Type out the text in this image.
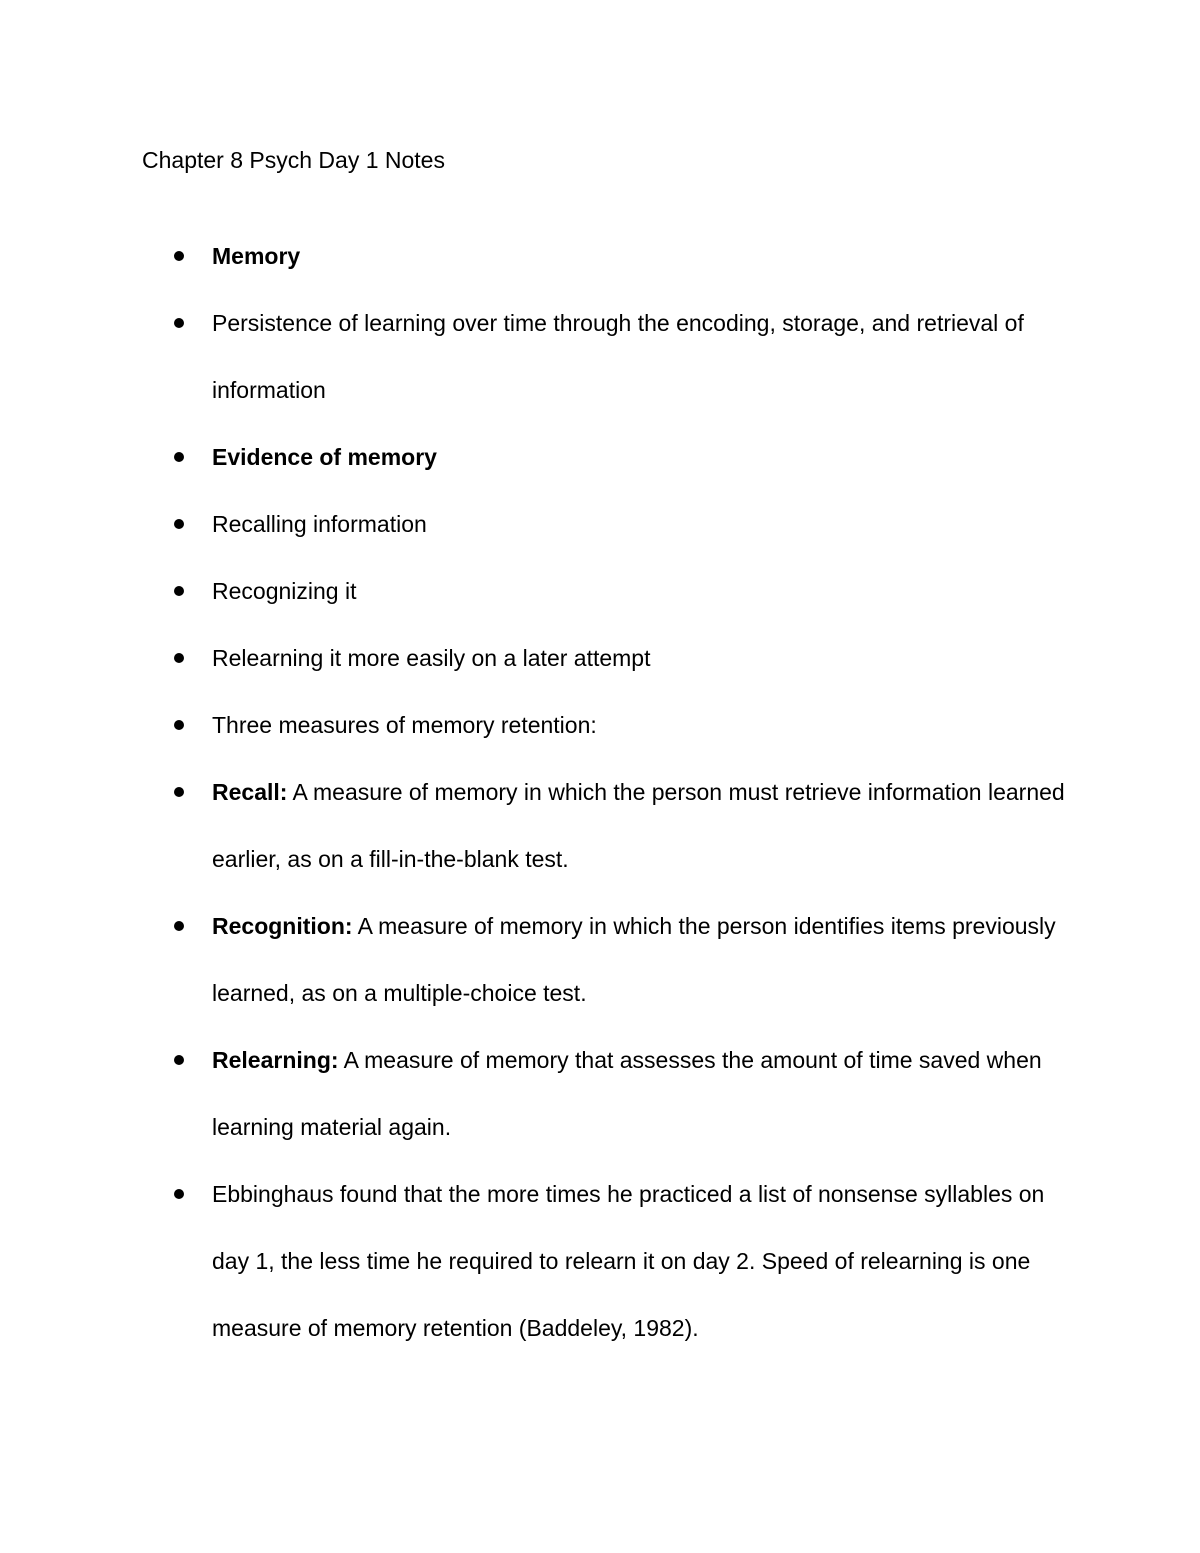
Chapter 8 Psych Day 1 Notes
Memory
Persistence of learning over time through the encoding, storage, and retrieval of information
Evidence of memory
Recalling information
Recognizing it
Relearning it more easily on a later attempt
Three measures of memory retention:
Recall: A measure of memory in which the person must retrieve information learned earlier, as on a fill-in-the-blank test.
Recognition: A measure of memory in which the person identifies items previously learned, as on a multiple-choice test.
Relearning: A measure of memory that assesses the amount of time saved when learning material again.
Ebbinghaus found that the more times he practiced a list of nonsense syllables on day 1, the less time he required to relearn it on day 2. Speed of relearning is one measure of memory retention (Baddeley, 1982).
